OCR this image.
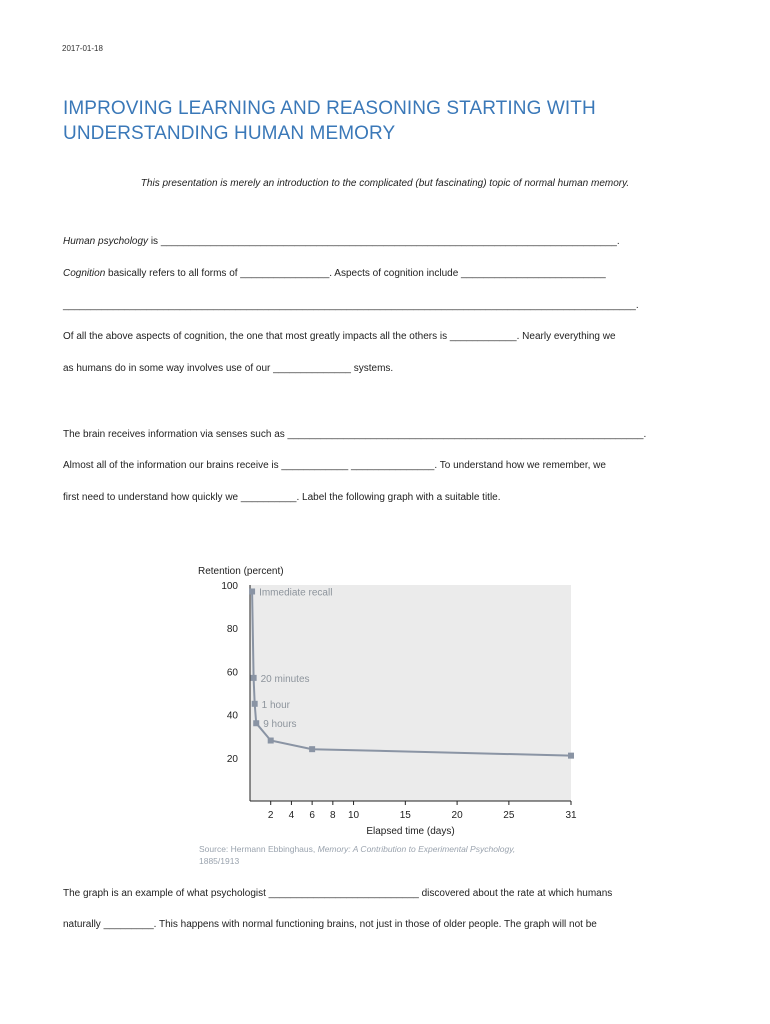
2017-01-18
IMPROVING LEARNING AND REASONING STARTING WITH UNDERSTANDING HUMAN MEMORY
This presentation is merely an introduction to the complicated (but fascinating) topic of normal human memory.
Human psychology is __________________________________________________________________________________.
Cognition basically refers to all forms of ________________. Aspects of cognition include __________________________
_______________________________________________________________________________________________________.
Of all the above aspects of cognition, the one that most greatly impacts all the others is ____________. Nearly everything we
as humans do in some way involves use of our ______________ systems.
The brain receives information via senses such as ________________________________________________________________.
Almost all of the information our brains receive is ____________ _______________. To understand how we remember, we
first need to understand how quickly we __________. Label the following graph with a suitable title.
Retention (percent)
20
40
60
80
100
2 4 6 8 10	15	20	25	31
Elapsed time (days)
Immediate recall
20 minutes
1 hour
9 hours
Source: Hermann Ebbinghaus, Memory: A Contribution to Experimental Psychology,
1885/1913
The graph is an example of what psychologist ___________________________ discovered about the rate at which humans
naturally _________. This happens with normal functioning brains, not just in those of older people. The graph will not be
